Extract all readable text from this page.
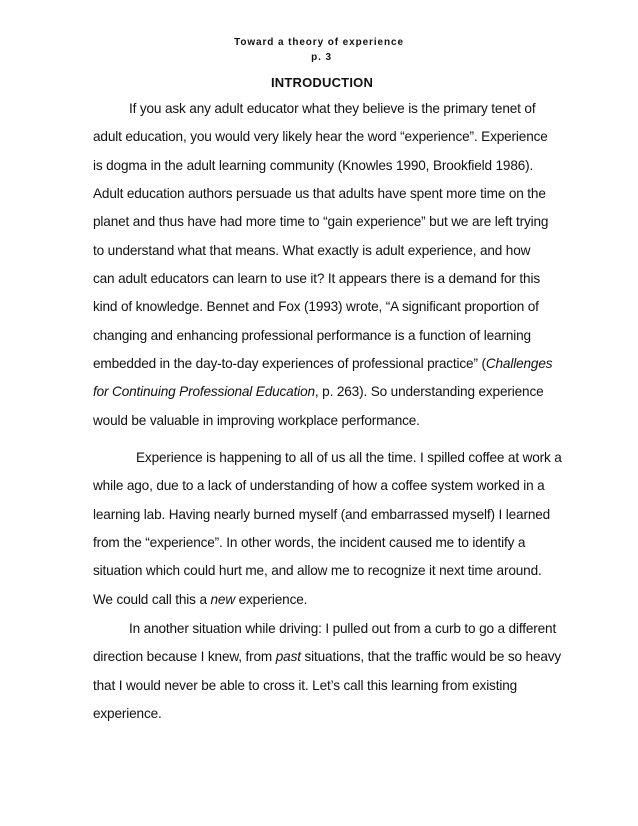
Toward a theory of experience
p. 3
INTRODUCTION
If you ask any adult educator what they believe is the primary tenet of
adult education, you would very likely hear the word “experience”. Experience
is dogma in the adult learning community (Knowles 1990, Brookfield 1986).
Adult education authors persuade us that adults have spent more time on the
planet and thus have had more time to “gain experience” but we are left trying
to understand what that means. What exactly is adult experience, and how
can adult educators can learn to use it? It appears there is a demand for this
kind of knowledge. Bennet and Fox (1993) wrote, “A significant proportion of
changing and enhancing professional performance is a function of learning
embedded in the day-to-day experiences of professional practice” (Challenges
for Continuing Professional Education, p. 263). So understanding experience
would be valuable in improving workplace performance.
Experience is happening to all of us all the time. I spilled coffee at work a
while ago, due to a lack of understanding of how a coffee system worked in a
learning lab. Having nearly burned myself (and embarrassed myself) I learned
from the “experience”. In other words, the incident caused me to identify a
situation which could hurt me, and allow me to recognize it next time around.
We could call this a new experience.
In another situation while driving: I pulled out from a curb to go a different
direction because I knew, from past situations, that the traffic would be so heavy
that I would never be able to cross it. Let’s call this learning from existing
experience.
